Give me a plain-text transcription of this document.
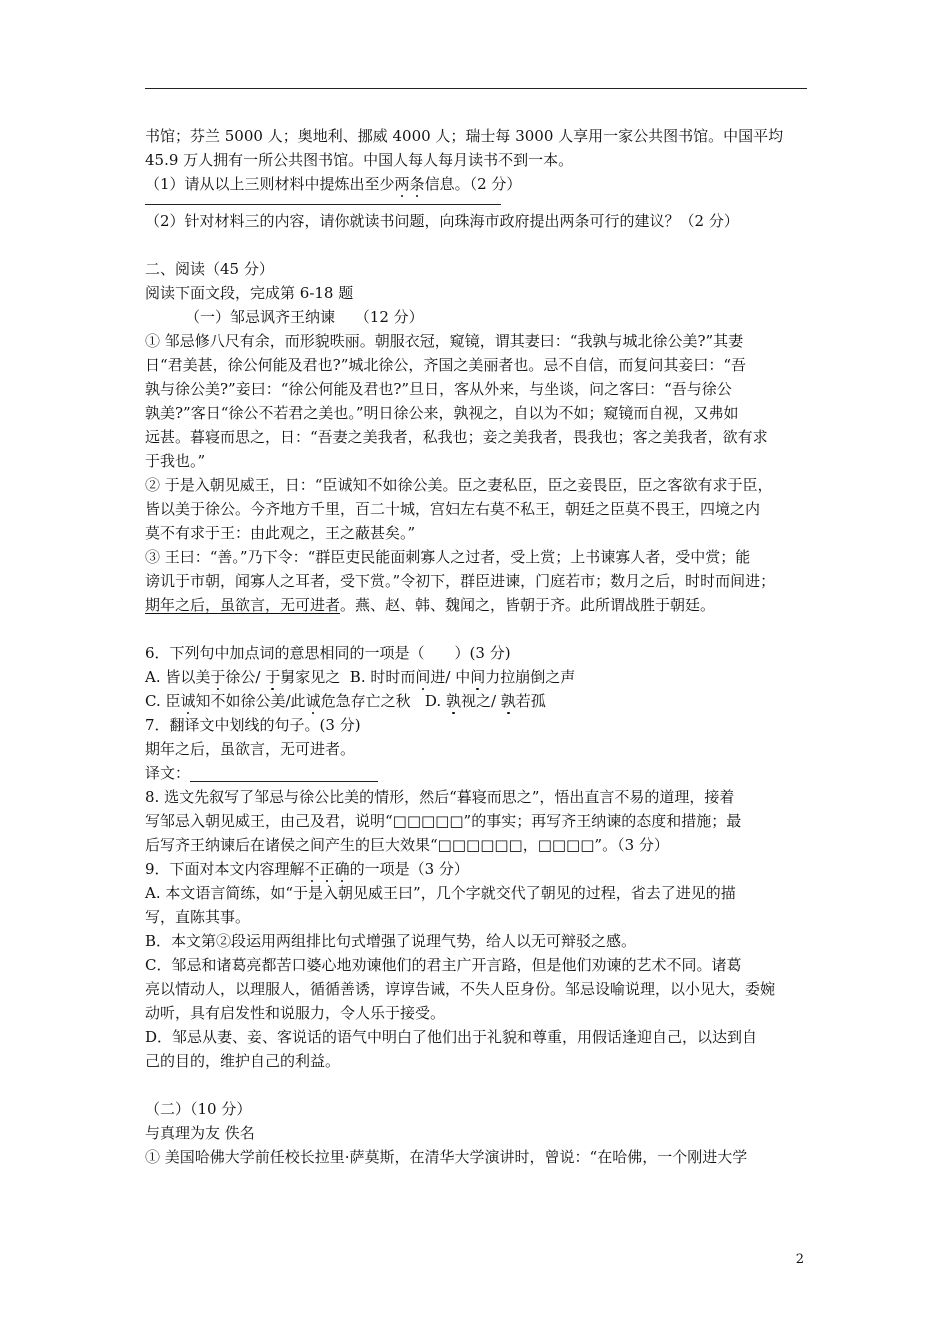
书馆；芬兰 5000 人；奥地利、挪威 4000 人；瑞士每 3000 人享用一家公共图书馆。中国平均

45.9 万人拥有一所公共图书馆。中国人每人每月读书不到一本。

（1）请从以上三则材料中提炼出至少两条信息。（2 分）

（2）针对材料三的内容，请你就读书问题，向珠海市政府提出两条可行的建议？（2 分）

二、阅读（45 分）

阅读下面文段，完成第 6-18 题

（一）邹忌讽齐王纳谏　 （12 分）

① 邹忌修八尺有余，而形貌昳丽。朝服衣冠，窥镜，谓其妻曰：“我孰与城北徐公美?”其妻

日“君美甚，徐公何能及君也?”城北徐公，齐国之美丽者也。忌不自信，而复问其妾曰：“吾

孰与徐公美?”妾曰：“徐公何能及君也?”旦日，客从外来，与坐谈，问之客曰：“吾与徐公

孰美?”客日“徐公不若君之美也。”明日徐公来，孰视之，自以为不如；窥镜而自视，又弗如

远甚。暮寝而思之，日：“吾妻之美我者，私我也；妾之美我者，畏我也；客之美我者，欲有求

于我也。”

② 于是入朝见威王，日：“臣诚知不如徐公美。臣之妻私臣，臣之妾畏臣，臣之客欲有求于臣，

皆以美于徐公。今齐地方千里，百二十城，宫妇左右莫不私王，朝廷之臣莫不畏王，四境之内

莫不有求于王：由此观之，王之蔽甚矣。”

③ 王曰：“善。”乃下令：“群臣吏民能面刺寡人之过者，受上赏；上书谏寡人者，受中赏；能

谤讥于市朝，闻寡人之耳者，受下赏。”令初下，群臣进谏，门庭若市；数月之后，时时而间进；

期年之后，虽欲言，无可进者。燕、赵、韩、魏闻之，皆朝于齐。此所谓战胜于朝廷。

6．下列句中加点词的意思相同的一项是（　　）(3 分)

A. 皆以美于徐公/ 于舅家见之 B. 时时而间进/ 中间力拉崩倒之声

C. 臣诚知不如徐公美/此诚危急存亡之秋 D. 孰视之/ 孰若孤

7．翻译文中划线的句子。(3 分)

期年之后，虽欲言，无可进者。

译文：

8. 选文先叙写了邹忌与徐公比美的情形，然后“暮寝而思之”，悟出直言不易的道理，接着

写邹忌入朝见威王，由己及君，说明“□□□□□”的事实；再写齐王纳谏的态度和措施；最

后写齐王纳谏后在诸侯之间产生的巨大效果“□□□□□□，□□□□”。（3 分）

9．下面对本文内容理解不正确的一项是（3 分）

A. 本文语言简练，如“于是入朝见威王曰”，几个字就交代了朝见的过程，省去了进见的描

写，直陈其事。

B．本文第②段运用两组排比句式增强了说理气势，给人以无可辩驳之感。

C．邹忌和诸葛亮都苦口婆心地劝谏他们的君主广开言路，但是他们劝谏的艺术不同。诸葛

亮以情动人，以理服人，循循善诱，谆谆告诫，不失人臣身份。邹忌设喻说理，以小见大，委婉

动听，具有启发性和说服力，令人乐于接受。

D．邹忌从妻、妾、客说话的语气中明白了他们出于礼貌和尊重，用假话逢迎自己，以达到自

己的目的，维护自己的利益。

（二）（10 分）

与真理为友 佚名

① 美国哈佛大学前任校长拉里·萨莫斯，在清华大学演讲时，曾说：“在哈佛，一个刚进大学

2
